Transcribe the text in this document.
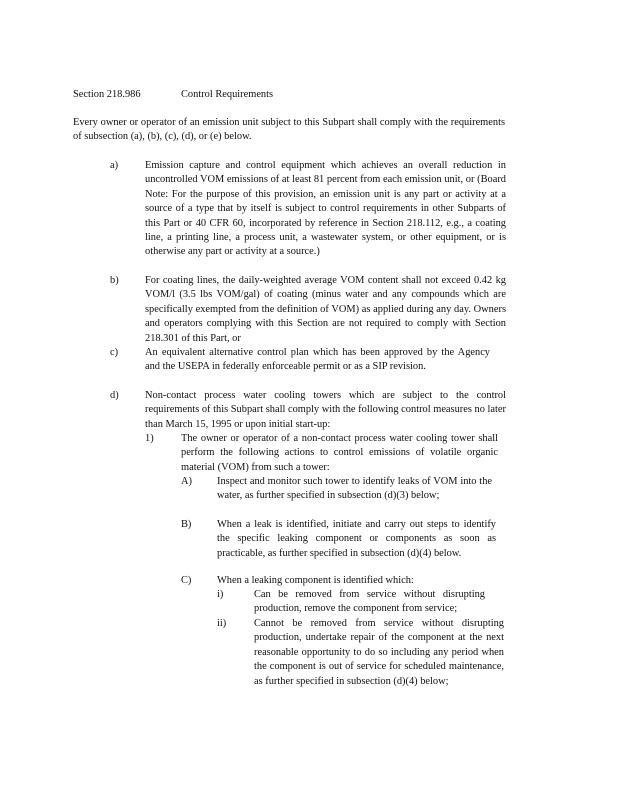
Section 218.986	Control Requirements

Every owner or operator of an emission unit subject to this Subpart shall comply with the requirements of subsection (a), (b), (c), (d), or (e) below.

a)	Emission capture and control equipment which achieves an overall reduction in uncontrolled VOM emissions of at least 81 percent from each emission unit, or (Board Note: For the purpose of this provision, an emission unit is any part or activity at a source of a type that by itself is subject to control requirements in other Subparts of this Part or 40 CFR 60, incorporated by reference in Section 218.112, e.g., a coating line, a printing line, a process unit, a wastewater system, or other equipment, or is otherwise any part or activity at a source.)

b)	For coating lines, the daily-weighted average VOM content shall not exceed 0.42 kg VOM/l (3.5 lbs VOM/gal) of coating (minus water and any compounds which are specifically exempted from the definition of VOM) as applied during any day. Owners and operators complying with this Section are not required to comply with Section 218.301 of this Part, or

c)	An equivalent alternative control plan which has been approved by the Agency and the USEPA in federally enforceable permit or as a SIP revision.

d)	Non-contact process water cooling towers which are subject to the control requirements of this Subpart shall comply with the following control measures no later than March 15, 1995 or upon initial start-up:

1)	The owner or operator of a non-contact process water cooling tower shall perform the following actions to control emissions of volatile organic material (VOM) from such a tower:

A) Inspect and monitor such tower to identify leaks of VOM into the water, as further specified in subsection (d)(3) below;

B) When a leak is identified, initiate and carry out steps to identify the specific leaking component or components as soon as practicable, as further specified in subsection (d)(4) below.

C) When a leaking component is identified which:

i)	Can be removed from service without disrupting production, remove the component from service;

ii)	Cannot be removed from service without disrupting production, undertake repair of the component at the next reasonable opportunity to do so including any period when the component is out of service for scheduled maintenance, as further specified in subsection (d)(4) below;
